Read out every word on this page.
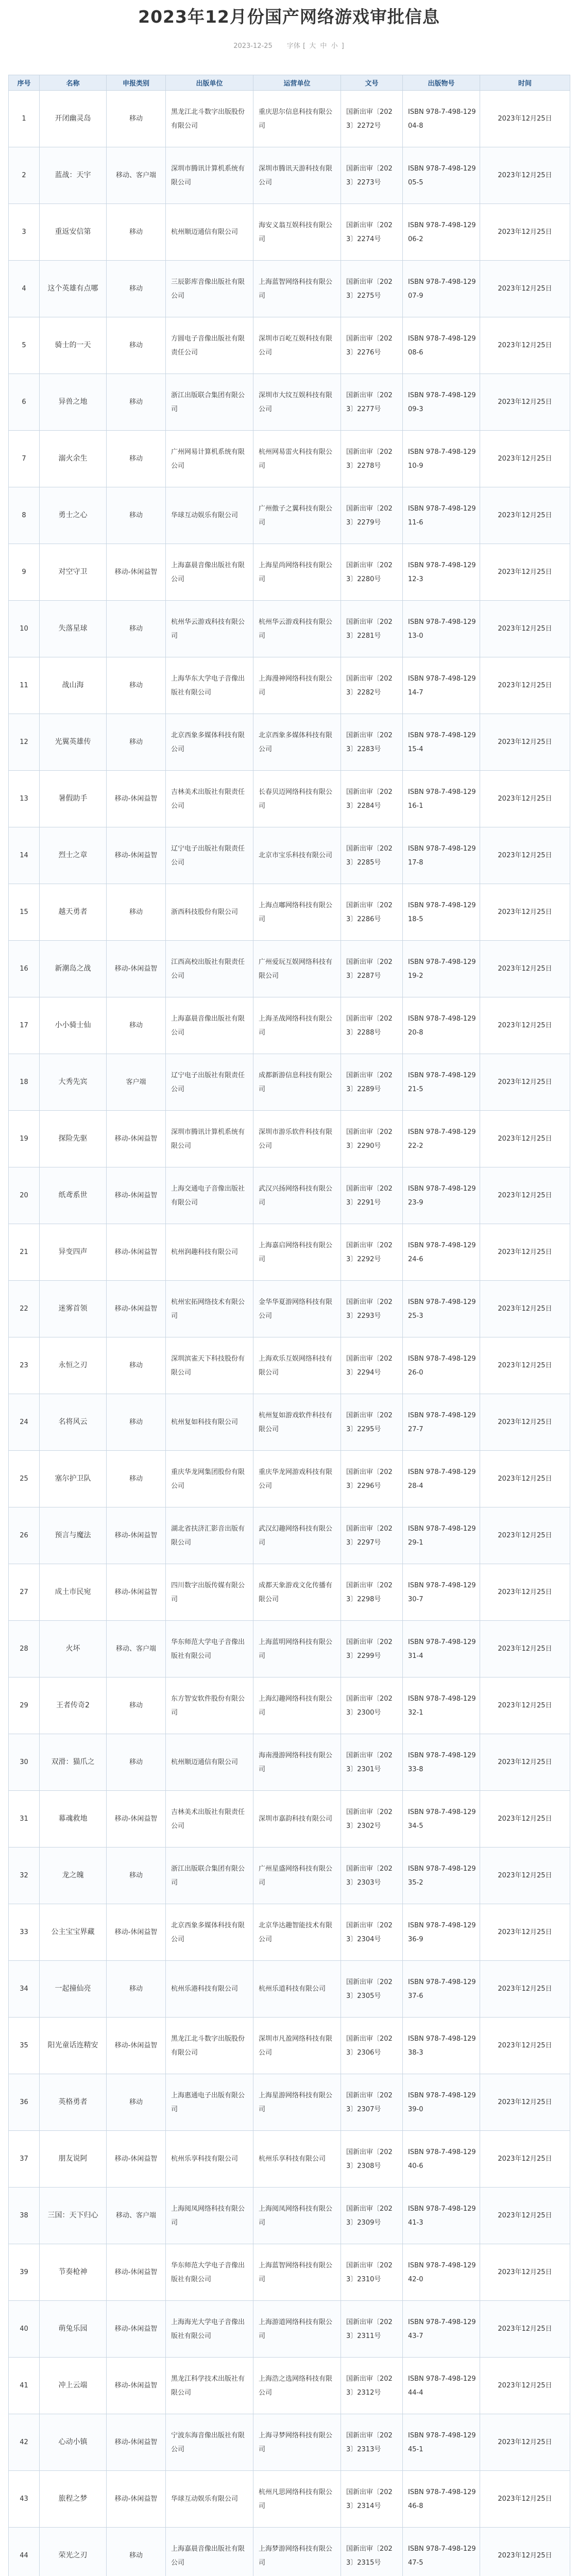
2023年12月份国产网络游戏审批信息
2023-12-25 字体 [ 大 中 小 ]
序号	名称	申报类别	出版单位	运营单位	文号	出版物号	时间
1	开闭幽灵岛	移动	黑龙江北斗数字出版股份有限公司	重庆思尔信息科技有限公司	国新出审〔2023〕2272号	ISBN 978-7-498-12904-8	2023年12月25日
2	蓝战：天宇	移动、客户端	深圳市腾讯计算机系统有限公司	深圳市腾讯天游科技有限公司	国新出审〔2023〕2273号	ISBN 978-7-498-12905-5	2023年12月25日
3	重返安信第	移动	杭州顺迈通信有限公司	海安义翁互娱科技有限公司	国新出审〔2023〕2274号	ISBN 978-7-498-12906-2	2023年12月25日
4	这个英雄有点哪	移动	三辰影库音像出版社有限公司	上海蓝智网络科技有限公司	国新出审〔2023〕2275号	ISBN 978-7-498-12907-9	2023年12月25日
5	骑士的一天	移动	方圆电子音像出版社有限责任公司	深圳市百屹互娱科技有限公司	国新出审〔2023〕2276号	ISBN 978-7-498-12908-6	2023年12月25日
6	异兽之地	移动	浙江出版联合集团有限公司	深圳市大纹互娱科技有限公司	国新出审〔2023〕2277号	ISBN 978-7-498-12909-3	2023年12月25日
7	溺火余生	移动	广州网易计算机系统有限公司	杭州网易雷火科技有限公司	国新出审〔2023〕2278号	ISBN 978-7-498-12910-9	2023年12月25日
8	勇士之心	移动	华球互动娱乐有限公司	广州傲子之翼科技有限公司	国新出审〔2023〕2279号	ISBN 978-7-498-12911-6	2023年12月25日
9	对空守卫	移动-休闲益智	上海嘉晨音像出版社有限公司	上海星尚网络科技有限公司	国新出审〔2023〕2280号	ISBN 978-7-498-12912-3	2023年12月25日
10	失落星球	移动	杭州华云游戏科技有限公司	杭州华云游戏科技有限公司	国新出审〔2023〕2281号	ISBN 978-7-498-12913-0	2023年12月25日
11	战山海	移动	上海华东大学电子音像出版社有限公司	上海漫神网络科技有限公司	国新出审〔2023〕2282号	ISBN 978-7-498-12914-7	2023年12月25日
12	光翼英雄传	移动	北京西象多媒体科技有限公司	北京西象多媒体科技有限公司	国新出审〔2023〕2283号	ISBN 978-7-498-12915-4	2023年12月25日
13	暑假助手	移动-休闲益智	吉林美术出版社有限责任公司	长春贝迈网络科技有限公司	国新出审〔2023〕2284号	ISBN 978-7-498-12916-1	2023年12月25日
14	烈士之章	移动-休闲益智	辽宁电子出版社有限责任公司	北京市宝乐科技有限公司	国新出审〔2023〕2285号	ISBN 978-7-498-12917-8	2023年12月25日
15	越天勇者	移动	浙西科技股份有限公司	上海点嘟网络科技有限公司	国新出审〔2023〕2286号	ISBN 978-7-498-12918-5	2023年12月25日
16	新潮岛之战	移动-休闲益智	江西高校出版社有限责任公司	广州爱玩互娱网络科技有限公司	国新出审〔2023〕2287号	ISBN 978-7-498-12919-2	2023年12月25日
17	小小骑士仙	移动	上海嘉晨音像出版社有限公司	上海圣战网络科技有限公司	国新出审〔2023〕2288号	ISBN 978-7-498-12920-8	2023年12月25日
18	大秀先宾	客户端	辽宁电子出版社有限责任公司	成都新游信息科技有限公司	国新出审〔2023〕2289号	ISBN 978-7-498-12921-5	2023年12月25日
19	探险先驱	移动-休闲益智	深圳市腾讯计算机系统有限公司	深圳市游乐软件科技有限公司	国新出审〔2023〕2290号	ISBN 978-7-498-12922-2	2023年12月25日
20	纸鸢系世	移动-休闲益智	上海交通电子音像出版社有限公司	武汉兴扬网络科技有限公司	国新出审〔2023〕2291号	ISBN 978-7-498-12923-9	2023年12月25日
21	异变四声	移动-休闲益智	杭州润趣科技有限公司	上海嘉启网络科技有限公司	国新出审〔2023〕2292号	ISBN 978-7-498-12924-6	2023年12月25日
22	迷雾首领	移动-休闲益智	杭州宏拓网络技术有限公司	金华华夏游网络科技有限公司	国新出审〔2023〕2293号	ISBN 978-7-498-12925-3	2023年12月25日
23	永恒之刃	移动	深圳滨雀天下科技股份有限公司	上海欢乐互娱网络科技有限公司	国新出审〔2023〕2294号	ISBN 978-7-498-12926-0	2023年12月25日
24	名将风云	移动	杭州复如科技有限公司	杭州复如游戏软件科技有限公司	国新出审〔2023〕2295号	ISBN 978-7-498-12927-7	2023年12月25日
25	塞尔护卫队	移动	重庆华龙网集团股份有限公司	重庆华龙网游戏科技有限公司	国新出审〔2023〕2296号	ISBN 978-7-498-12928-4	2023年12月25日
26	预言与魔法	移动-休闲益智	湖北省扶济汇影音出版有限公司	武汉幻趣网络科技有限公司	国新出审〔2023〕2297号	ISBN 978-7-498-12929-1	2023年12月25日
27	成土市民宛	移动-休闲益智	四川数字出版传媒有限公司	成都天象游戏文化传播有限公司	国新出审〔2023〕2298号	ISBN 978-7-498-12930-7	2023年12月25日
28	火坏	移动、客户端	华东师范大学电子音像出版社有限公司	上海蓝明网络科技有限公司	国新出审〔2023〕2299号	ISBN 978-7-498-12931-4	2023年12月25日
29	王者传奇2	移动	东方智安软件股份有限公司	上海幻趣网络科技有限公司	国新出审〔2023〕2300号	ISBN 978-7-498-12932-1	2023年12月25日
30	双滑：猫爪之	移动	杭州顺迈通信有限公司	海南漫游网络科技有限公司	国新出审〔2023〕2301号	ISBN 978-7-498-12933-8	2023年12月25日
31	幕魂救地	移动-休闲益智	吉林美术出版社有限责任公司	深圳市嘉韵科技有限公司	国新出审〔2023〕2302号	ISBN 978-7-498-12934-5	2023年12月25日
32	龙之魄	移动	浙江出版联合集团有限公司	广州星盛网络科技有限公司	国新出审〔2023〕2303号	ISBN 978-7-498-12935-2	2023年12月25日
33	公主宝宝界藏	移动-休闲益智	北京西象多媒体科技有限公司	北京华达趣智能技术有限公司	国新出审〔2023〕2304号	ISBN 978-7-498-12936-9	2023年12月25日
34	一起撞仙亮	移动	杭州乐港科技有限公司	杭州乐道科技有限公司	国新出审〔2023〕2305号	ISBN 978-7-498-12937-6	2023年12月25日
35	阳光童话连精安	移动-休闲益智	黑龙江北斗数字出版股份有限公司	深圳市凡盈网络科技有限公司	国新出审〔2023〕2306号	ISBN 978-7-498-12938-3	2023年12月25日
36	英格勇者	移动	上海惠通电子出版有限公司	上海星游网络科技有限公司	国新出审〔2023〕2307号	ISBN 978-7-498-12939-0	2023年12月25日
37	朋友说阿	移动-休闲益智	杭州乐享科技有限公司	杭州乐享科技有限公司	国新出审〔2023〕2308号	ISBN 978-7-498-12940-6	2023年12月25日
38	三国：天下归心	移动、客户端	上海阅凤网络科技有限公司	上海阅凤网络科技有限公司	国新出审〔2023〕2309号	ISBN 978-7-498-12941-3	2023年12月25日
39	节奏枪神	移动-休闲益智	华东师范大学电子音像出版社有限公司	上海蓝智网络科技有限公司	国新出审〔2023〕2310号	ISBN 978-7-498-12942-0	2023年12月25日
40	萌兔乐园	移动-休闲益智	上海海光大学电子音像出版社有限公司	上海游道网络科技有限公司	国新出审〔2023〕2311号	ISBN 978-7-498-12943-7	2023年12月25日
41	冲上云端	移动-休闲益智	黑龙江科学技术出版社有限公司	上海浩之选网络科技有限公司	国新出审〔2023〕2312号	ISBN 978-7-498-12944-4	2023年12月25日
42	心动小镇	移动-休闲益智	宁波东海音像出版社有限公司	上海寻梦网络科技有限公司	国新出审〔2023〕2313号	ISBN 978-7-498-12945-1	2023年12月25日
43	旅程之梦	移动-休闲益智	华球互动娱乐有限公司	杭州凡思网络科技有限公司	国新出审〔2023〕2314号	ISBN 978-7-498-12946-8	2023年12月25日
44	荣光之刃	移动	上海嘉晨音像出版社有限公司	上海梦游网络科技有限公司	国新出审〔2023〕2315号	ISBN 978-7-498-12947-5	2023年12月25日
